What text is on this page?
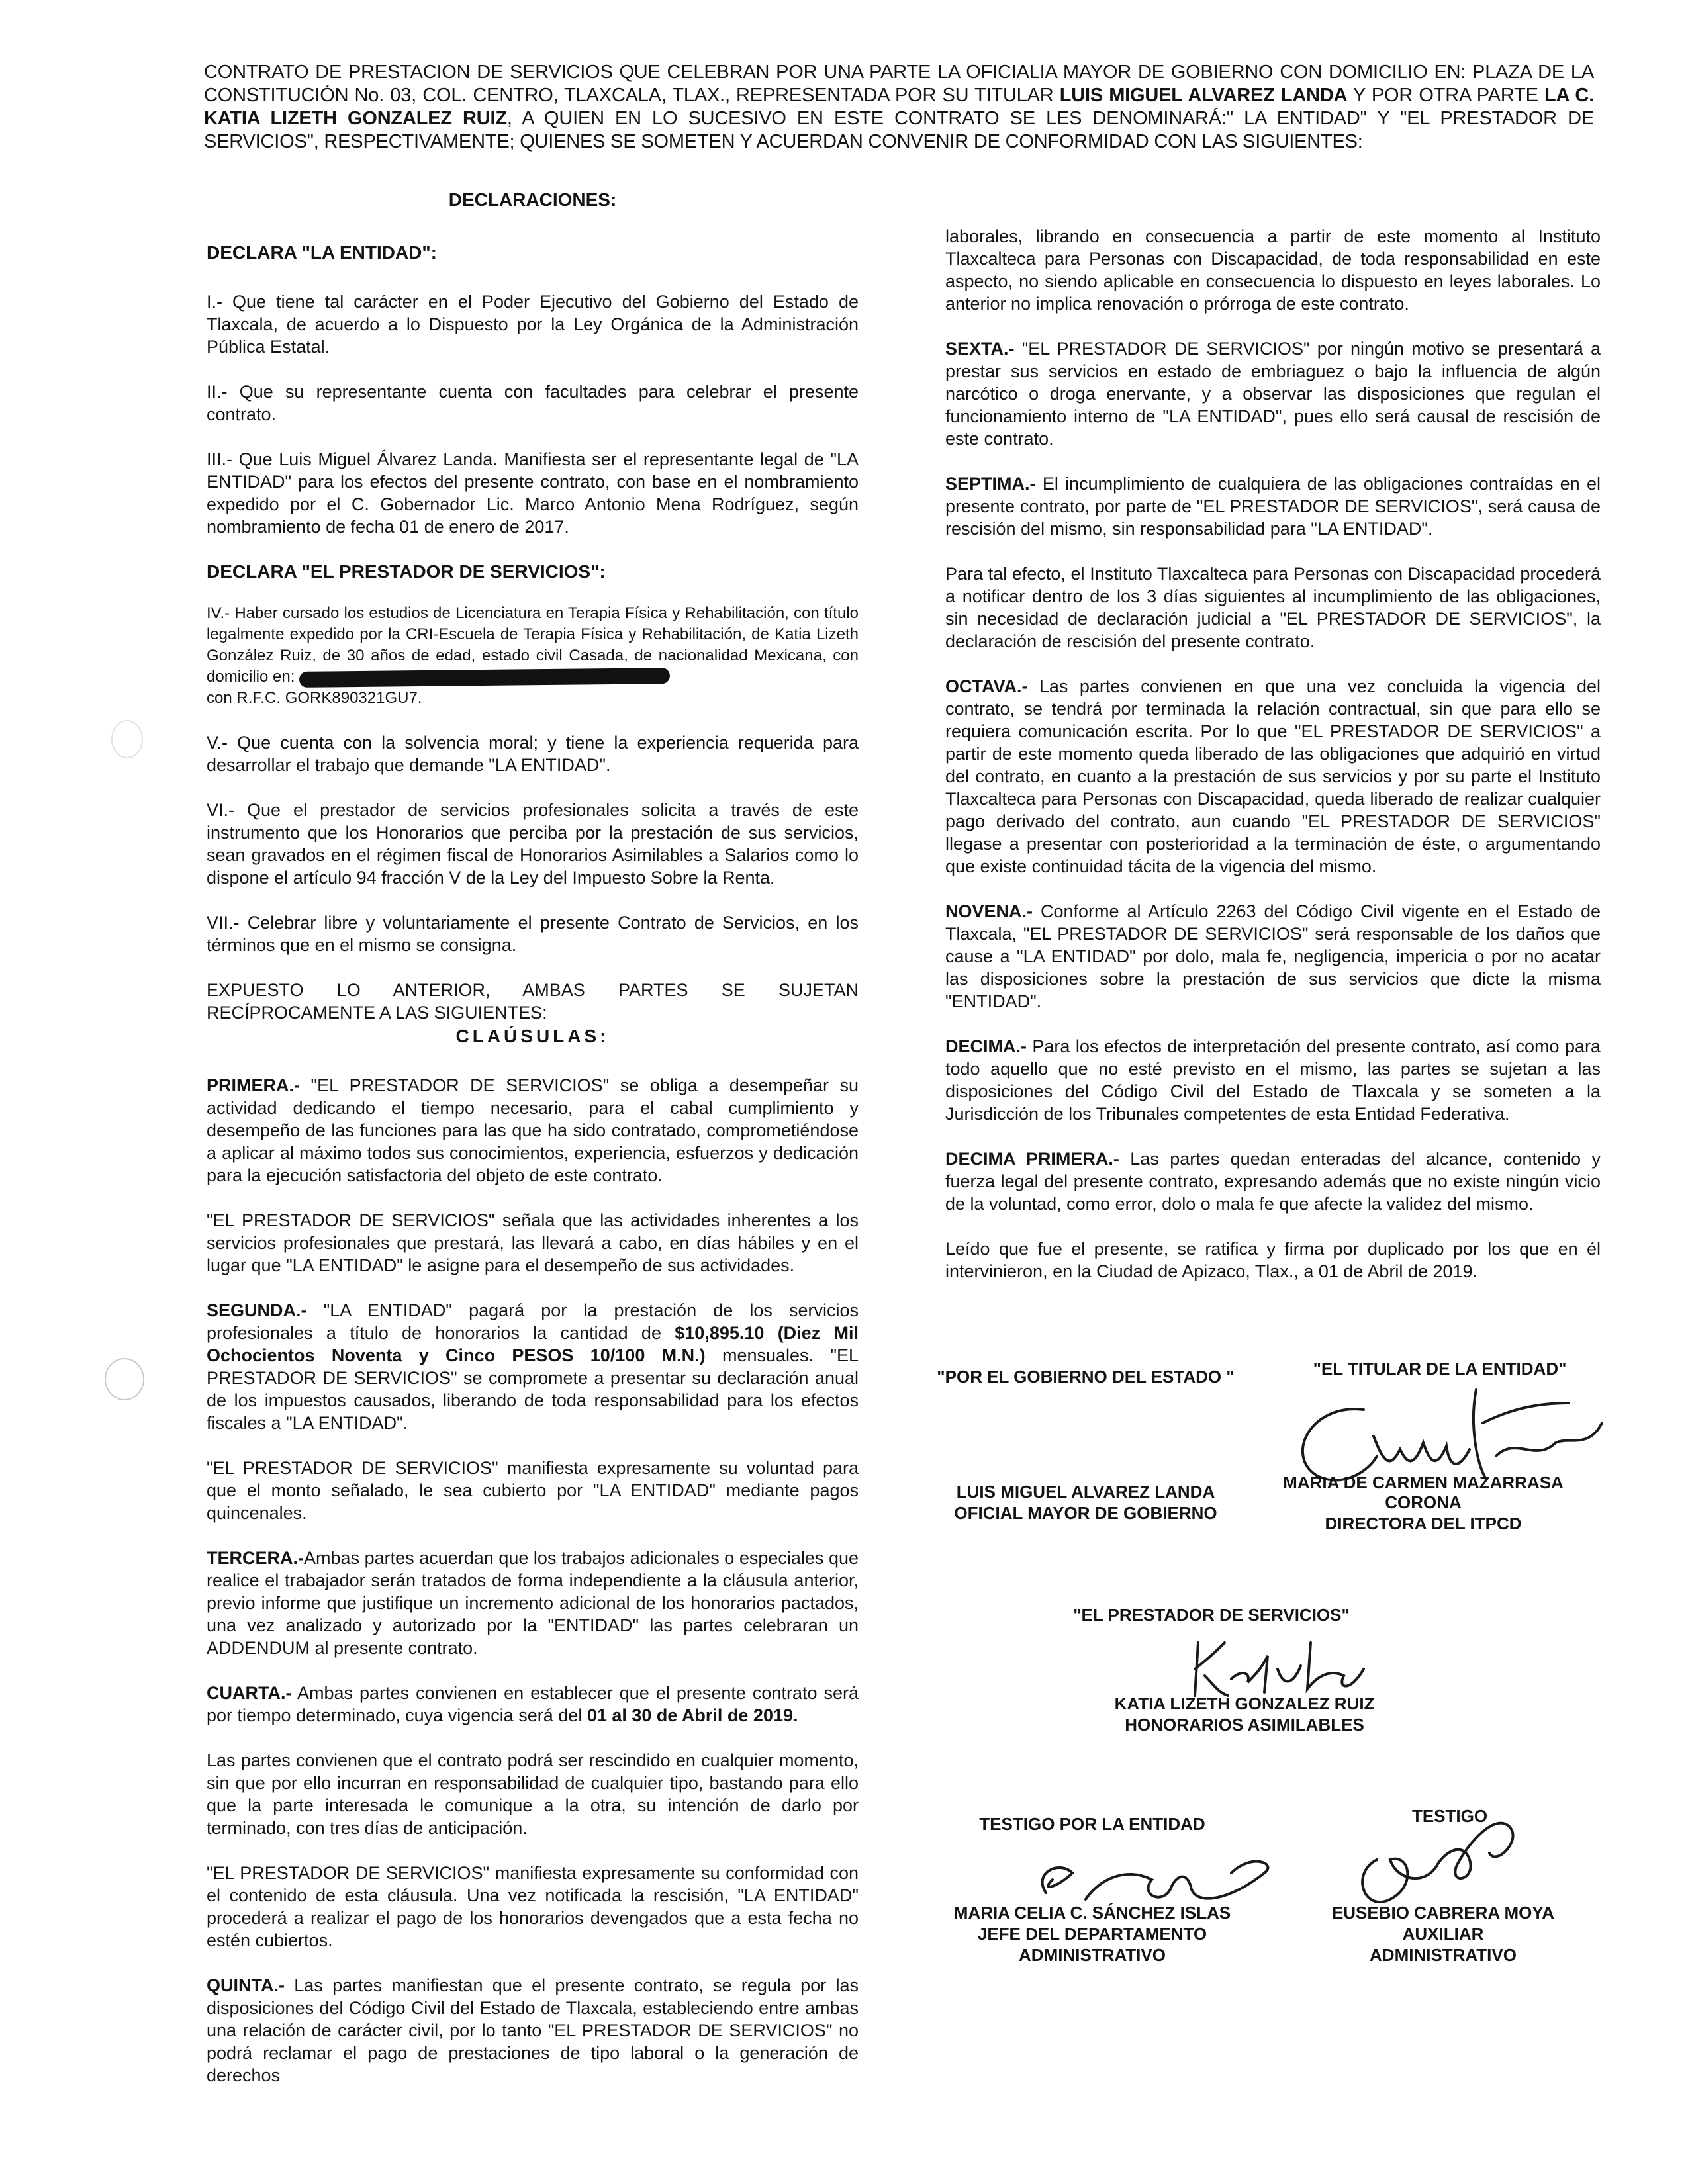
CONTRATO DE PRESTACION DE SERVICIOS QUE CELEBRAN POR UNA PARTE LA OFICIALIA MAYOR DE GOBIERNO CON DOMICILIO EN: PLAZA DE LA CONSTITUCIÓN No. 03, COL. CENTRO, TLAXCALA, TLAX., REPRESENTADA POR SU TITULAR LUIS MIGUEL ALVAREZ LANDA Y POR OTRA PARTE LA C. KATIA LIZETH GONZALEZ RUIZ, A QUIEN EN LO SUCESIVO EN ESTE CONTRATO SE LES DENOMINARÁ:" LA ENTIDAD" Y "EL PRESTADOR DE SERVICIOS", RESPECTIVAMENTE; QUIENES SE SOMETEN Y ACUERDAN CONVENIR DE CONFORMIDAD CON LAS SIGUIENTES:
DECLARACIONES:
DECLARA "LA ENTIDAD":

I.- Que tiene tal carácter en el Poder Ejecutivo del Gobierno del Estado de Tlaxcala, de acuerdo a lo Dispuesto por la Ley Orgánica de la Administración Pública Estatal.

II.- Que su representante cuenta con facultades para celebrar el presente contrato.

III.- Que Luis Miguel Álvarez Landa. Manifiesta ser el representante legal de "LA ENTIDAD" para los efectos del presente contrato, con base en el nombramiento expedido por el C. Gobernador Lic. Marco Antonio Mena Rodríguez, según nombramiento de fecha 01 de enero de 2017.

DECLARA "EL PRESTADOR DE SERVICIOS":

IV.- Haber cursado los estudios de Licenciatura en Terapia Física y Rehabilitación, con título legalmente expedido por la CRI-Escuela de Terapia Física y Rehabilitación, de Katia Lizeth González Ruiz, de 30 años de edad, estado civil Casada, de nacionalidad Mexicana, con domicilio en:
con R.F.C. GORK890321GU7.

V.- Que cuenta con la solvencia moral; y tiene la experiencia requerida para desarrollar el trabajo que demande "LA ENTIDAD".

VI.- Que el prestador de servicios profesionales solicita a través de este instrumento que los Honorarios que perciba por la prestación de sus servicios, sean gravados en el régimen fiscal de Honorarios Asimilables a Salarios como lo dispone el artículo 94 fracción V de la Ley del Impuesto Sobre la Renta.

VII.- Celebrar libre y voluntariamente el presente Contrato de Servicios, en los términos que en el mismo se consigna.

EXPUESTO LO ANTERIOR, AMBAS PARTES SE SUJETAN RECÍPROCAMENTE A LAS SIGUIENTES:

CLAÚSULAS:

PRIMERA.- "EL PRESTADOR DE SERVICIOS" se obliga a desempeñar su actividad dedicando el tiempo necesario, para el cabal cumplimiento y desempeño de las funciones para las que ha sido contratado, comprometiéndose a aplicar al máximo todos sus conocimientos, experiencia, esfuerzos y dedicación para la ejecución satisfactoria del objeto de este contrato.

"EL PRESTADOR DE SERVICIOS" señala que las actividades inherentes a los servicios profesionales que prestará, las llevará a cabo, en días hábiles y en el lugar que "LA ENTIDAD" le asigne para el desempeño de sus actividades.

SEGUNDA.- "LA ENTIDAD" pagará por la prestación de los servicios profesionales a título de honorarios la cantidad de $10,895.10 (Diez Mil Ochocientos Noventa y Cinco PESOS 10/100 M.N.) mensuales. "EL PRESTADOR DE SERVICIOS" se compromete a presentar su declaración anual de los impuestos causados, liberando de toda responsabilidad para los efectos fiscales a "LA ENTIDAD".

"EL PRESTADOR DE SERVICIOS" manifiesta expresamente su voluntad para que el monto señalado, le sea cubierto por "LA ENTIDAD" mediante pagos quincenales.

TERCERA.-Ambas partes acuerdan que los trabajos adicionales o especiales que realice el trabajador serán tratados de forma independiente a la cláusula anterior, previo informe que justifique un incremento adicional de los honorarios pactados, una vez analizado y autorizado por la "ENTIDAD" las partes celebraran un ADDENDUM al presente contrato.

CUARTA.- Ambas partes convienen en establecer que el presente contrato será por tiempo determinado, cuya vigencia será del 01 al 30 de Abril de 2019.

Las partes convienen que el contrato podrá ser rescindido en cualquier momento, sin que por ello incurran en responsabilidad de cualquier tipo, bastando para ello que la parte interesada le comunique a la otra, su intención de darlo por terminado, con tres días de anticipación.

"EL PRESTADOR DE SERVICIOS" manifiesta expresamente su conformidad con el contenido de esta cláusula. Una vez notificada la rescisión, "LA ENTIDAD" procederá a realizar el pago de los honorarios devengados que a esta fecha no estén cubiertos.

QUINTA.- Las partes manifiestan que el presente contrato, se regula por las disposiciones del Código Civil del Estado de Tlaxcala, estableciendo entre ambas una relación de carácter civil, por lo tanto "EL PRESTADOR DE SERVICIOS" no podrá reclamar el pago de prestaciones de tipo laboral o la generación de derechos

laborales, librando en consecuencia a partir de este momento al Instituto Tlaxcalteca para Personas con Discapacidad, de toda responsabilidad en este aspecto, no siendo aplicable en consecuencia lo dispuesto en leyes laborales. Lo anterior no implica renovación o prórroga de este contrato.

SEXTA.- "EL PRESTADOR DE SERVICIOS" por ningún motivo se presentará a prestar sus servicios en estado de embriaguez o bajo la influencia de algún narcótico o droga enervante, y a observar las disposiciones que regulan el funcionamiento interno de "LA ENTIDAD", pues ello será causal de rescisión de este contrato.

SEPTIMA.- El incumplimiento de cualquiera de las obligaciones contraídas en el presente contrato, por parte de "EL PRESTADOR DE SERVICIOS", será causa de rescisión del mismo, sin responsabilidad para "LA ENTIDAD".

Para tal efecto, el Instituto Tlaxcalteca para Personas con Discapacidad procederá a notificar dentro de los 3 días siguientes al incumplimiento de las obligaciones, sin necesidad de declaración judicial a "EL PRESTADOR DE SERVICIOS", la declaración de rescisión del presente contrato.

OCTAVA.- Las partes convienen en que una vez concluida la vigencia del contrato, se tendrá por terminada la relación contractual, sin que para ello se requiera comunicación escrita. Por lo que "EL PRESTADOR DE SERVICIOS" a partir de este momento queda liberado de las obligaciones que adquirió en virtud del contrato, en cuanto a la prestación de sus servicios y por su parte el Instituto Tlaxcalteca para Personas con Discapacidad, queda liberado de realizar cualquier pago derivado del contrato, aun cuando "EL PRESTADOR DE SERVICIOS" llegase a presentar con posterioridad a la terminación de éste, o argumentando que existe continuidad tácita de la vigencia del mismo.

NOVENA.- Conforme al Artículo 2263 del Código Civil vigente en el Estado de Tlaxcala, "EL PRESTADOR DE SERVICIOS" será responsable de los daños que cause a "LA ENTIDAD" por dolo, mala fe, negligencia, impericia o por no acatar las disposiciones sobre la prestación de sus servicios que dicte la misma "ENTIDAD".

DECIMA.- Para los efectos de interpretación del presente contrato, así como para todo aquello que no esté previsto en el mismo, las partes se sujetan a las disposiciones del Código Civil del Estado de Tlaxcala y se someten a la Jurisdicción de los Tribunales competentes de esta Entidad Federativa.

DECIMA PRIMERA.- Las partes quedan enteradas del alcance, contenido y fuerza legal del presente contrato, expresando además que no existe ningún vicio de la voluntad, como error, dolo o mala fe que afecte la validez del mismo.

Leído que fue el presente, se ratifica y firma por duplicado por los que en él intervinieron, en la Ciudad de Apizaco, Tlax., a 01 de Abril de 2019.

"POR EL GOBIERNO DEL ESTADO "
LUIS MIGUEL ALVAREZ LANDA
OFICIAL MAYOR DE GOBIERNO
"EL TITULAR DE LA ENTIDAD"
MARIA DE CARMEN MAZARRASA
CORONA
DIRECTORA DEL ITPCD
"EL PRESTADOR DE SERVICIOS"
KATIA LIZETH GONZALEZ RUIZ
HONORARIOS ASIMILABLES
TESTIGO POR LA ENTIDAD
MARIA CELIA C. SÁNCHEZ ISLAS
JEFE DEL DEPARTAMENTO
ADMINISTRATIVO
TESTIGO
EUSEBIO CABRERA MOYA
AUXILIAR ADMINISTRATIVO
